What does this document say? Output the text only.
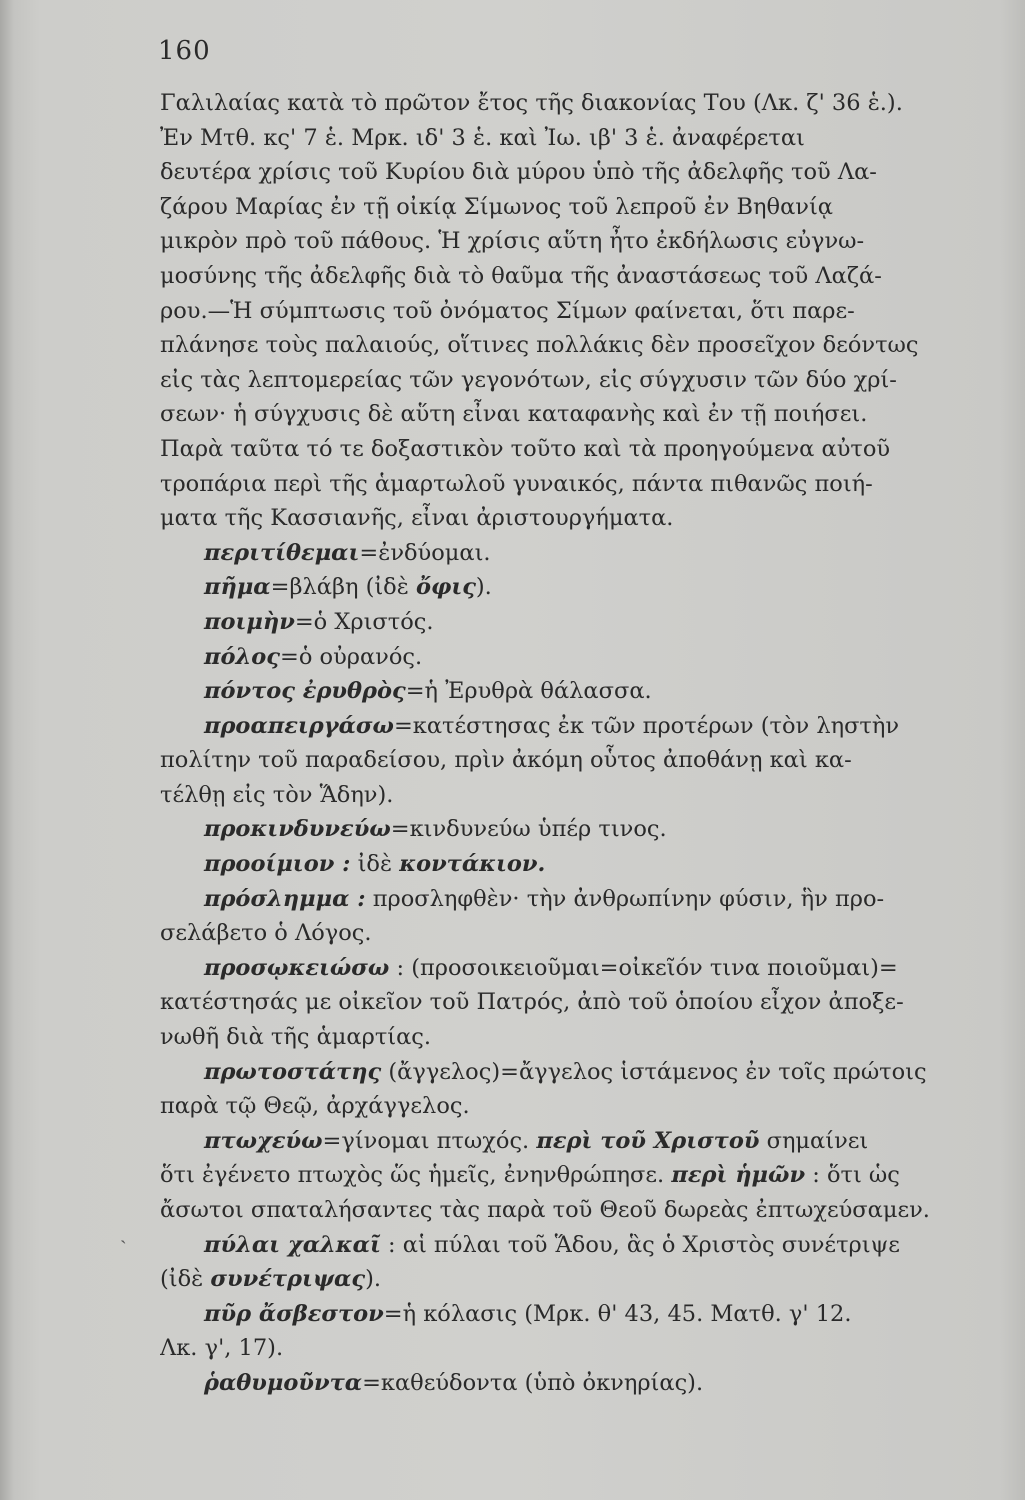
160
Γαλιλαίας κατὰ τὸ πρῶτον ἔτος τῆς διακονίας Του (Λκ. ζ' 36 ἑ.).
Ἐν Μτθ. κς' 7 ἑ. Μρκ. ιδ' 3 ἑ. καὶ Ἰω. ιβ' 3 ἑ. ἀναφέρεται
δευτέρα χρίσις τοῦ Κυρίου διὰ μύρου ὑπὸ τῆς ἀδελφῆς τοῦ Λα-
ζάρου Μαρίας ἐν τῇ οἰκίᾳ Σίμωνος τοῦ λεπροῦ ἐν Βηθανίᾳ
μικρὸν πρὸ τοῦ πάθους. Ἡ χρίσις αὕτη ἦτο ἐκδήλωσις εὐγνω-
μοσύνης τῆς ἀδελφῆς διὰ τὸ θαῦμα τῆς ἀναστάσεως τοῦ Λαζά-
ρου.—Ἡ σύμπτωσις τοῦ ὀνόματος Σίμων φαίνεται, ὅτι παρε-
πλάνησε τοὺς παλαιούς, οἵτινες πολλάκις δὲν προσεῖχον δεόντως
εἰς τὰς λεπτομερείας τῶν γεγονότων, εἰς σύγχυσιν τῶν δύο χρί-
σεων· ἡ σύγχυσις δὲ αὕτη εἶναι καταφανὴς καὶ ἐν τῇ ποιήσει.
Παρὰ ταῦτα τό τε δοξαστικὸν τοῦτο καὶ τὰ προηγούμενα αὐτοῦ
τροπάρια περὶ τῆς ἁμαρτωλοῦ γυναικός, πάντα πιθανῶς ποιή-
ματα τῆς Κασσιανῆς, εἶναι ἀριστουργήματα.
περιτίθεμαι=ἐνδύομαι.
πῆμα=βλάβη (ἰδὲ ὄφις).
ποιμὴν=ὁ Χριστός.
πόλος=ὁ οὐρανός.
πόντος ἐρυθρὸς=ἡ Ἐρυθρὰ θάλασσα.
προαπειργάσω=κατέστησας ἐκ τῶν προτέρων (τὸν ληστὴν
πολίτην τοῦ παραδείσου, πρὶν ἀκόμη οὗτος ἀποθάνῃ καὶ κα-
τέλθῃ εἰς τὸν Ἅδην).
προκινδυνεύω=κινδυνεύω ὑπέρ τινος.
προοίμιον : ἰδὲ κοντάκιον.
πρόσλημμα : προσληφθὲν· τὴν ἀνθρωπίνην φύσιν, ἣν προ-
σελάβετο ὁ Λόγος.
προσῳκειώσω : (προσοικειοῦμαι=οἰκεῖόν τινα ποιοῦμαι)=
κατέστησάς με οἰκεῖον τοῦ Πατρός, ἀπὸ τοῦ ὁποίου εἶχον ἀποξε-
νωθῆ διὰ τῆς ἁμαρτίας.
πρωτοστάτης (ἄγγελος)=ἄγγελος ἱστάμενος ἐν τοῖς πρώτοις
παρὰ τῷ Θεῷ, ἀρχάγγελος.
πτωχεύω=γίνομαι πτωχός. περὶ τοῦ Χριστοῦ σημαίνει
ὅτι ἐγένετο πτωχὸς ὥς ἡμεῖς, ἐνηνθρώπησε. περὶ ἡμῶν : ὅτι ὡς
ἄσωτοι σπαταλήσαντες τὰς παρὰ τοῦ Θεοῦ δωρεὰς ἐπτωχεύσαμεν.
πύλαι χαλκαῖ : αἱ πύλαι τοῦ Ἅδου, ἃς ὁ Χριστὸς συνέτριψε
(ἰδὲ συνέτριψας).
πῦρ ἄσβεστον=ἡ κόλασις (Μρκ. θ' 43, 45. Ματθ. γ' 12.
Λκ. γ', 17).
ῥαθυμοῦντα=καθεύδοντα (ὑπὸ ὀκνηρίας).
ˎ
